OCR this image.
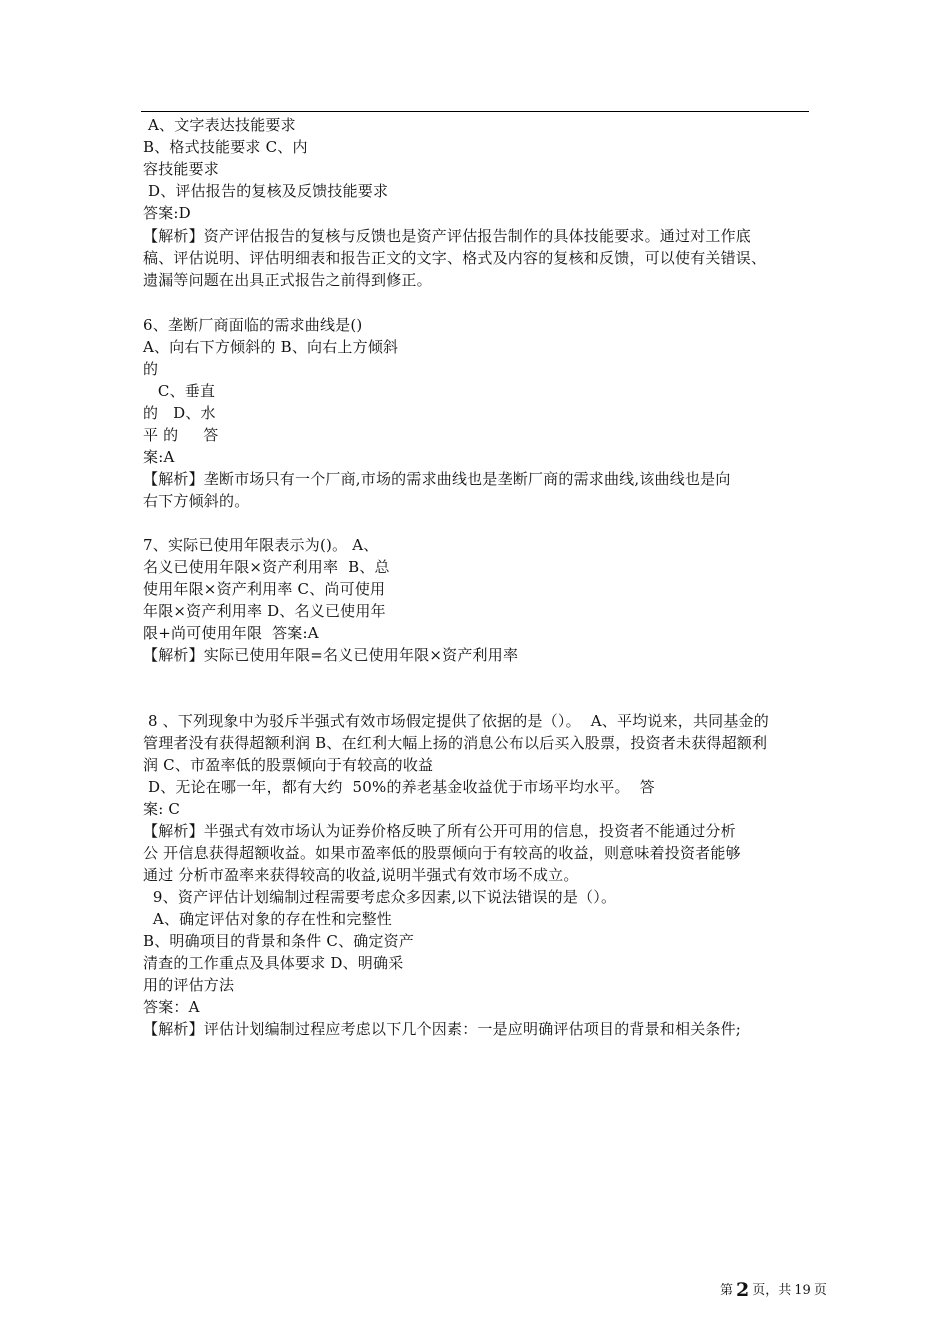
A、文字表达技能要求
B、格式技能要求 C、内
容技能要求
D、评估报告的复核及反馈技能要求
答案:D
【解析】资产评估报告的复核与反馈也是资产评估报告制作的具体技能要求。通过对工作底
稿、评估说明、评估明细表和报告正文的文字、格式及内容的复核和反馈，可以使有关错误、
遗漏等问题在出具正式报告之前得到修正。
6、垄断厂商面临的需求曲线是()
A、向右下方倾斜的 B、向右上方倾斜
的
C、垂直
的   D、水
平 的     答
案:A
【解析】垄断市场只有一个厂商,市场的需求曲线也是垄断厂商的需求曲线,该曲线也是向
右下方倾斜的。
7、实际已使用年限表示为()。 A、
名义已使用年限×资产利用率  B、总
使用年限×资产利用率 C、尚可使用
年限×资产利用率 D、名义已使用年
限+尚可使用年限  答案:A
【解析】实际已使用年限=名义已使用年限×资产利用率
8 、下列现象中为驳斥半强式有效市场假定提供了依据的是（）。  A、平均说来，共同基金的
管理者没有获得超额利润 B、在红利大幅上扬的消息公布以后买入股票，投资者未获得超额利
润 C、市盈率低的股票倾向于有较高的收益
D、无论在哪一年，都有大约  50%的养老基金收益优于市场平均水平。  答
案: C
【解析】半强式有效市场认为证券价格反映了所有公开可用的信息，投资者不能通过分析
公 开信息获得超额收益。如果市盈率低的股票倾向于有较高的收益，则意味着投资者能够
通过 分析市盈率来获得较高的收益,说明半强式有效市场不成立。
9、资产评估计划编制过程需要考虑众多因素,以下说法错误的是（）。
A、确定评估对象的存在性和完整性
B、明确项目的背景和条件 C、确定资产
清查的工作重点及具体要求 D、明确采
用的评估方法
答案：A
【解析】评估计划编制过程应考虑以下几个因素：一是应明确评估项目的背景和相关条件;
第 2 页，共 19 页
